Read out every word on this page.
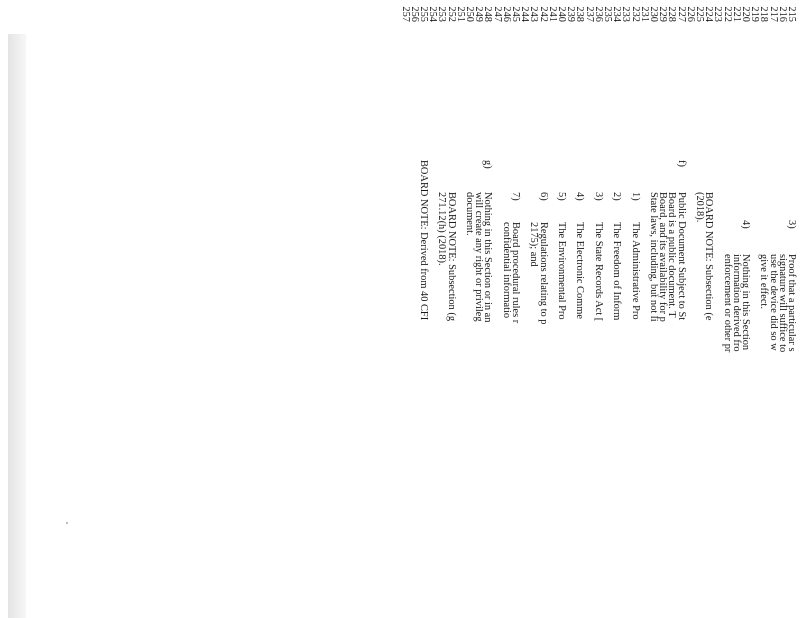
215
216
217
218
219
220
221
222
223
224
225
226
227
228
229
230
231
232
233
234
235
236
237
238
239
240
241
242
243
244
245
246
247
248
249
250
251
252
253
254
255
256
257
3)
Proof that a particular s
signature will suffice to
use the device did so w
give it effect.
4)
Nothing in this Section
information derived fro
enforcement or other pr
BOARD NOTE: Subsection (e
(2018).
f)
Public Document Subject to St
Board is a public document. T
Board, and its availability for p
State laws, including, but not li
1)
The Administrative Pro
2)
The Freedom of Inform
3)
The State Records Act [
4)
The Electronic Comme
5)
The Environmental Pro
6)
Regulations relating to p
2175); and
7)
Board procedural rules r
confidential informatio
g)
Nothing in this Section or in an
will create any right or privileg
document.
BOARD NOTE: Subsection (g
271.12(h) (2018).
BOARD NOTE: Derived from 40 CFI
